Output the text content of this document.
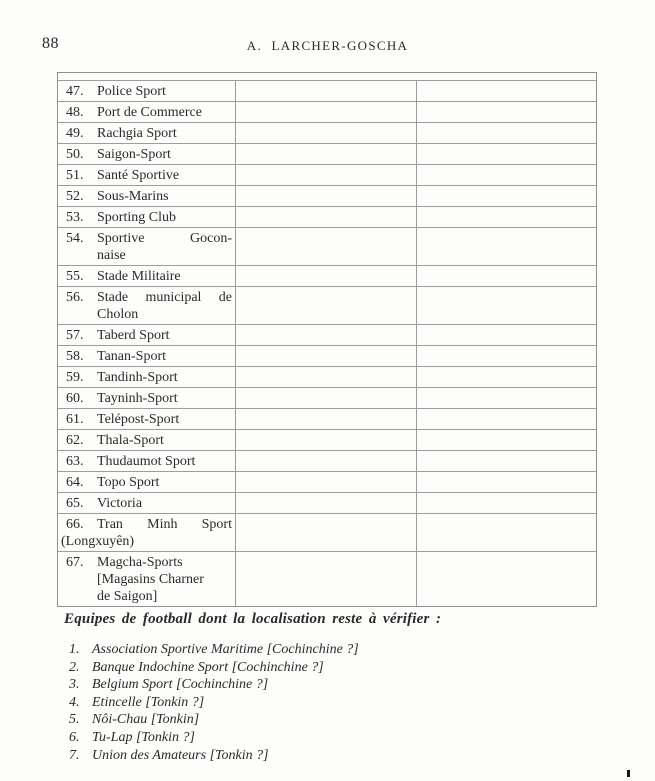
88	A. LARCHER-GOSCHA
47. Police Sport
48. Port de Commerce
49. Rachgia Sport
50. Saigon-Sport
51. Santé Sportive
52. Sous-Marins
53. Sporting Club
54. Sportive Gocon-
naise
55. Stade Militaire
56. Stade municipal de
Cholon
57. Taberd Sport
58. Tanan-Sport
59. Tandinh-Sport
60. Tayninh-Sport
61. Telépost-Sport
62. Thala-Sport
63. Thudaumot Sport
64. Topo Sport
65. Victoria
66. Tran Minh Sport
(Longxuyên)
67. Magcha-Sports
[Magasins Charner
de Saigon]
Equipes de football dont la localisation reste à vérifier :
1. Association Sportive Maritime [Cochinchine ?]
2. Banque Indochine Sport [Cochinchine ?]
3. Belgium Sport [Cochinchine ?]
4. Etincelle [Tonkin ?]
5. Nôi-Chau [Tonkin]
6. Tu-Lap [Tonkin ?]
7. Union des Amateurs [Tonkin ?]
